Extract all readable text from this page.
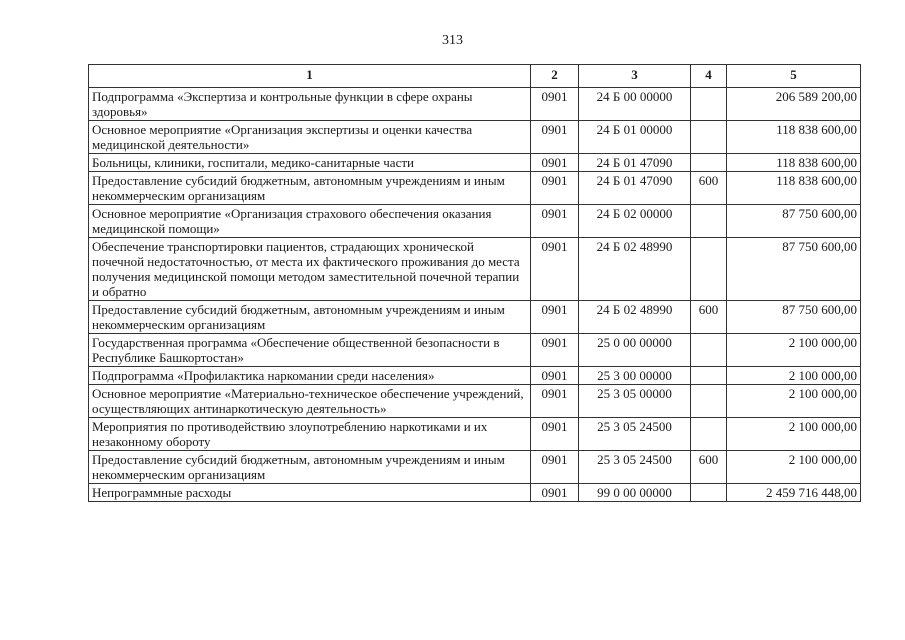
313
1	2	3	4	5
Подпрограмма «Экспертиза и контрольные функции в сфере охраны здоровья»	0901	24 Б 00 00000		206 589 200,00
Основное мероприятие «Организация экспертизы и оценки качества медицинской деятельности»	0901	24 Б 01 00000		118 838 600,00
Больницы, клиники, госпитали, медико-санитарные части	0901	24 Б 01 47090		118 838 600,00
Предоставление субсидий бюджетным, автономным учреждениям и иным некоммерческим организациям	0901	24 Б 01 47090	600	118 838 600,00
Основное мероприятие «Организация страхового обеспечения оказания медицинской помощи»	0901	24 Б 02 00000		87 750 600,00
Обеспечение транспортировки пациентов, страдающих хронической почечной недостаточностью, от места их фактического проживания до места получения медицинской помощи методом заместительной почечной терапии и обратно	0901	24 Б 02 48990		87 750 600,00
Предоставление субсидий бюджетным, автономным учреждениям и иным некоммерческим организациям	0901	24 Б 02 48990	600	87 750 600,00
Государственная программа «Обеспечение общественной безопасности в Республике Башкортостан»	0901	25 0 00 00000		2 100 000,00
Подпрограмма «Профилактика наркомании среди населения»	0901	25 3 00 00000		2 100 000,00
Основное мероприятие «Материально-техническое обеспечение учреждений, осуществляющих антинаркотическую деятельность»	0901	25 3 05 00000		2 100 000,00
Мероприятия по противодействию злоупотреблению наркотиками и их незаконному обороту	0901	25 3 05 24500		2 100 000,00
Предоставление субсидий бюджетным, автономным учреждениям и иным некоммерческим организациям	0901	25 3 05 24500	600	2 100 000,00
Непрограммные расходы	0901	99 0 00 00000		2 459 716 448,00
